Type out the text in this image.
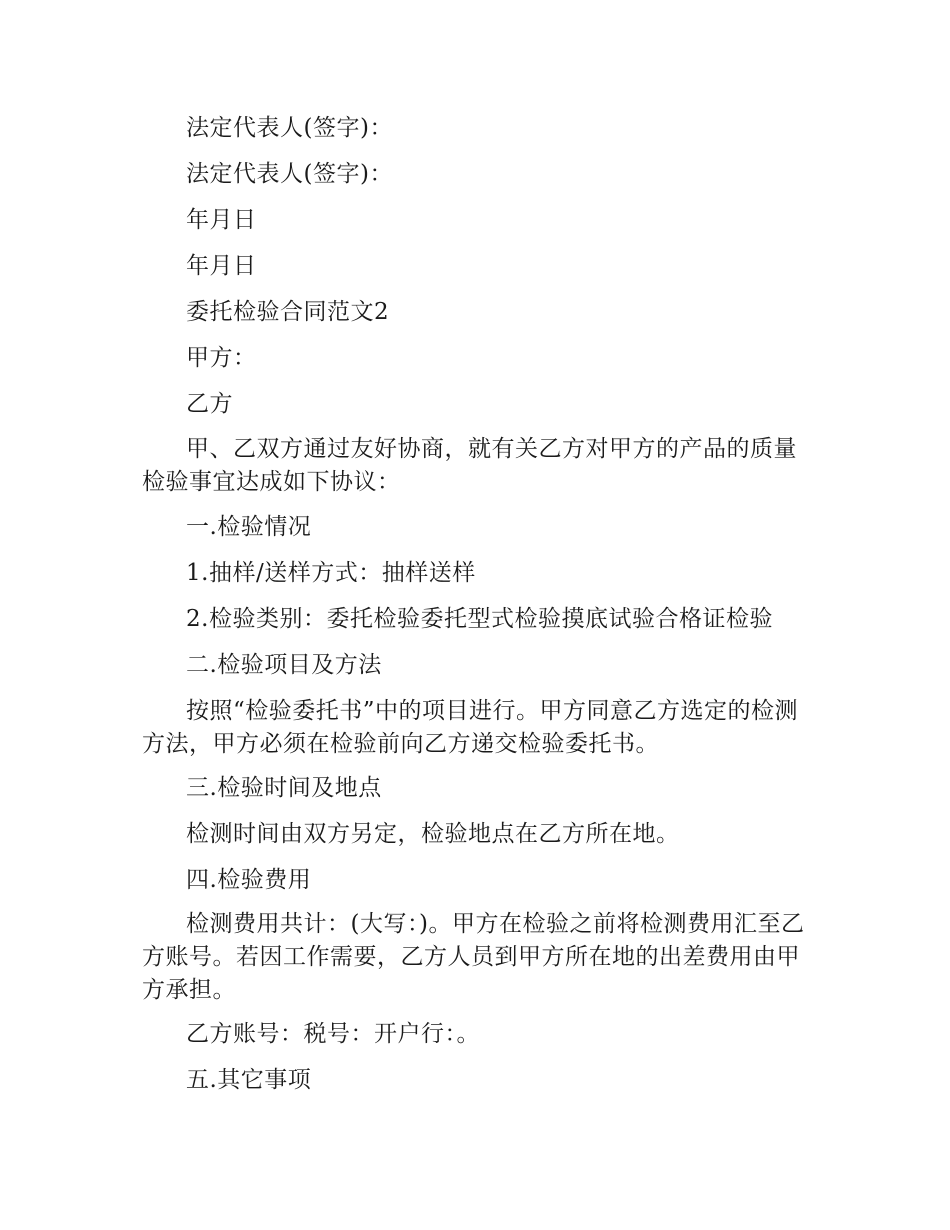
法定代表人(签字)：
法定代表人(签字)：
年月日
年月日
委托检验合同范文2
甲方：
乙方
甲、乙双方通过友好协商，就有关乙方对甲方的产品的质量检验事宜达成如下协议：
一.检验情况
1.抽样/送样方式：抽样送样
2.检验类别：委托检验委托型式检验摸底试验合格证检验
二.检验项目及方法
按照“检验委托书”中的项目进行。甲方同意乙方选定的检测方法，甲方必须在检验前向乙方递交检验委托书。
三.检验时间及地点
检测时间由双方另定，检验地点在乙方所在地。
四.检验费用
检测费用共计：(大写：)。甲方在检验之前将检测费用汇至乙方账号。若因工作需要，乙方人员到甲方所在地的出差费用由甲方承担。
乙方账号：税号：开户行：。
五.其它事项
